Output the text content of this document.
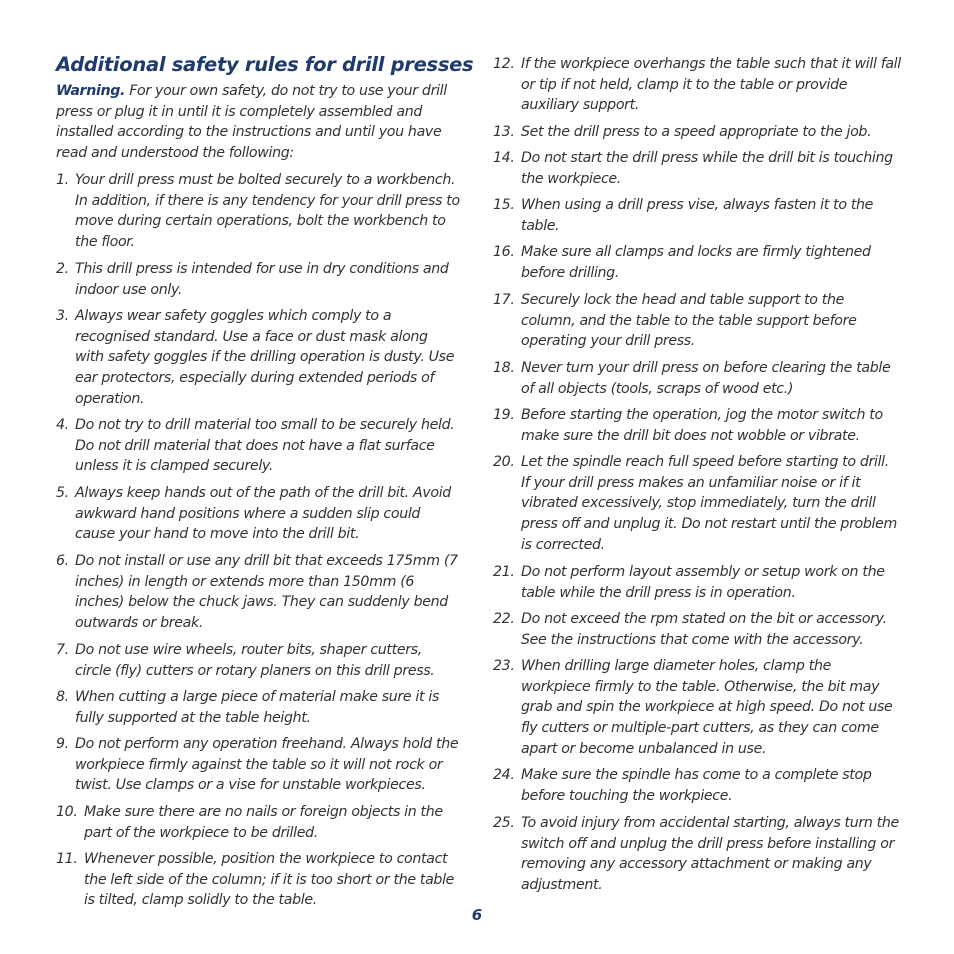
Additional safety rules for drill presses

Warning. For your own safety, do not try to use your drill press or plug it in until it is completely assembled and installed according to the instructions and until you have read and understood the following:

1. Your drill press must be bolted securely to a workbench. In addition, if there is any tendency for your drill press to move during certain operations, bolt the workbench to the floor.
2. This drill press is intended for use in dry conditions and indoor use only.
3. Always wear safety goggles which comply to a recognised standard. Use a face or dust mask along with safety goggles if the drilling operation is dusty. Use ear protectors, especially during extended periods of operation.
4. Do not try to drill material too small to be securely held. Do not drill material that does not have a flat surface unless it is clamped securely.
5. Always keep hands out of the path of the drill bit. Avoid awkward hand positions where a sudden slip could cause your hand to move into the drill bit.
6. Do not install or use any drill bit that exceeds 175mm (7 inches) in length or extends more than 150mm (6 inches) below the chuck jaws. They can suddenly bend outwards or break.
7. Do not use wire wheels, router bits, shaper cutters, circle (fly) cutters or rotary planers on this drill press.
8. When cutting a large piece of material make sure it is fully supported at the table height.
9. Do not perform any operation freehand. Always hold the workpiece firmly against the table so it will not rock or twist. Use clamps or a vise for unstable workpieces.
10. Make sure there are no nails or foreign objects in the part of the workpiece to be drilled.
11. Whenever possible, position the workpiece to contact the left side of the column; if it is too short or the table is tilted, clamp solidly to the table.
12. If the workpiece overhangs the table such that it will fall or tip if not held, clamp it to the table or provide auxiliary support.
13. Set the drill press to a speed appropriate to the job.
14. Do not start the drill press while the drill bit is touching the workpiece.
15. When using a drill press vise, always fasten it to the table.
16. Make sure all clamps and locks are firmly tightened before drilling.
17. Securely lock the head and table support to the column, and the table to the table support before operating your drill press.
18. Never turn your drill press on before clearing the table of all objects (tools, scraps of wood etc.)
19. Before starting the operation, jog the motor switch to make sure the drill bit does not wobble or vibrate.
20. Let the spindle reach full speed before starting to drill. If your drill press makes an unfamiliar noise or if it vibrated excessively, stop immediately, turn the drill press off and unplug it. Do not restart until the problem is corrected.
21. Do not perform layout assembly or setup work on the table while the drill press is in operation.
22. Do not exceed the rpm stated on the bit or accessory. See the instructions that come with the accessory.
23. When drilling large diameter holes, clamp the workpiece firmly to the table. Otherwise, the bit may grab and spin the workpiece at high speed. Do not use fly cutters or multiple-part cutters, as they can come apart or become unbalanced in use.
24. Make sure the spindle has come to a complete stop before touching the workpiece.
25. To avoid injury from accidental starting, always turn the switch off and unplug the drill press before installing or removing any accessory attachment or making any adjustment.
6
